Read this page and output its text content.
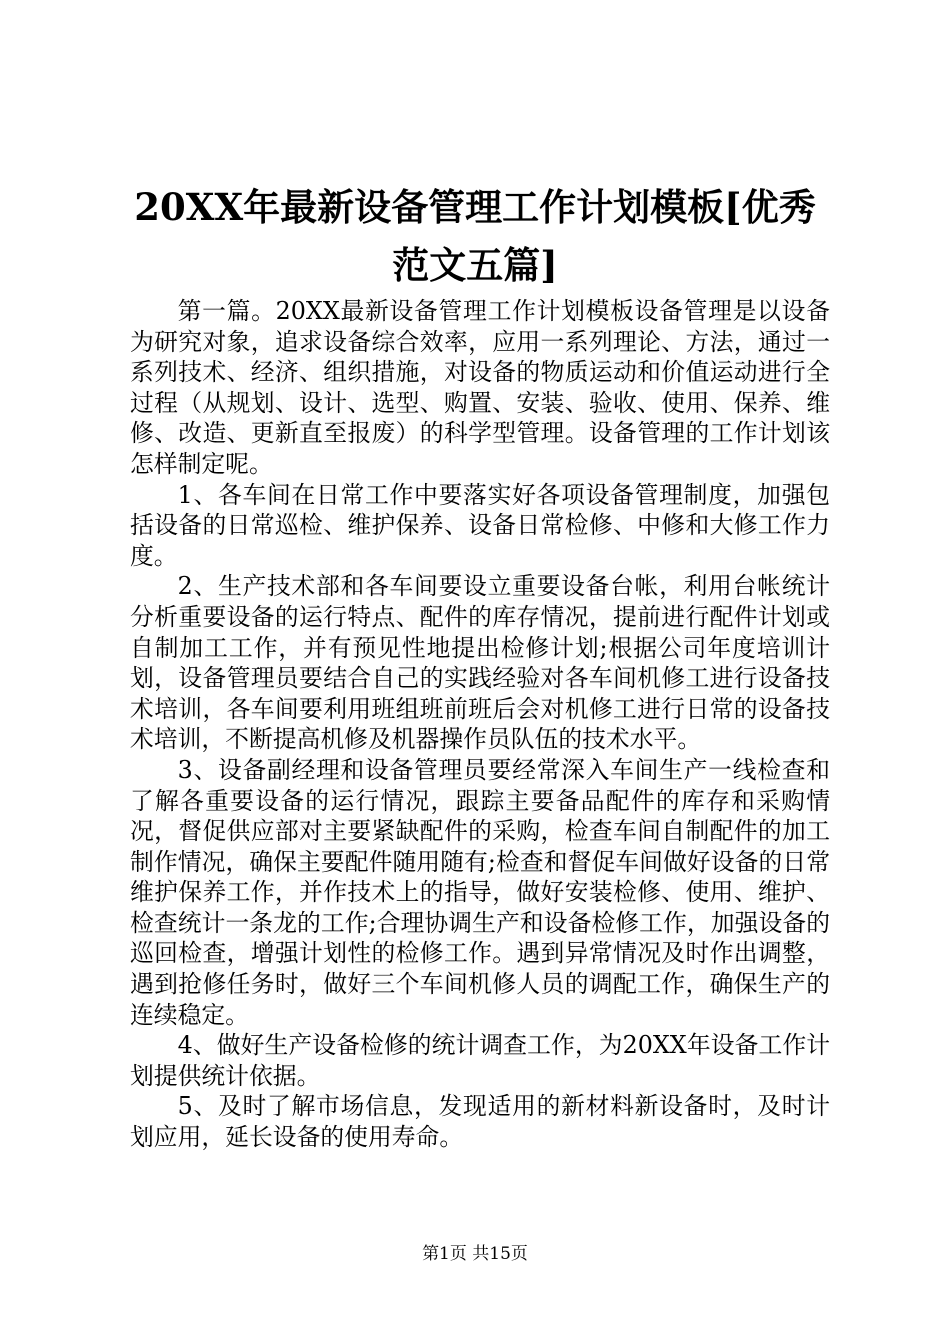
20XX年最新设备管理工作计划模板[优秀范文五篇]

第一篇。20XX最新设备管理工作计划模板设备管理是以设备为研究对象，追求设备综合效率，应用一系列理论、方法，通过一系列技术、经济、组织措施，对设备的物质运动和价值运动进行全过程（从规划、设计、选型、购置、安装、验收、使用、保养、维修、改造、更新直至报废）的科学型管理。设备管理的工作计划该怎样制定呢。

1、各车间在日常工作中要落实好各项设备管理制度，加强包括设备的日常巡检、维护保养、设备日常检修、中修和大修工作力度。

2、生产技术部和各车间要设立重要设备台帐，利用台帐统计分析重要设备的运行特点、配件的库存情况，提前进行配件计划或自制加工工作，并有预见性地提出检修计划;根据公司年度培训计划，设备管理员要结合自己的实践经验对各车间机修工进行设备技术培训，各车间要利用班组班前班后会对机修工进行日常的设备技术培训，不断提高机修及机器操作员队伍的技术水平。

3、设备副经理和设备管理员要经常深入车间生产一线检查和了解各重要设备的运行情况，跟踪主要备品配件的库存和采购情况，督促供应部对主要紧缺配件的采购，检查车间自制配件的加工制作情况，确保主要配件随用随有;检查和督促车间做好设备的日常维护保养工作，并作技术上的指导，做好安装检修、使用、维护、检查统计一条龙的工作;合理协调生产和设备检修工作，加强设备的巡回检查，增强计划性的检修工作。遇到异常情况及时作出调整，遇到抢修任务时，做好三个车间机修人员的调配工作，确保生产的连续稳定。

4、做好生产设备检修的统计调查工作，为20XX年设备工作计划提供统计依据。

5、及时了解市场信息，发现适用的新材料新设备时，及时计划应用，延长设备的使用寿命。

第1页 共15页
